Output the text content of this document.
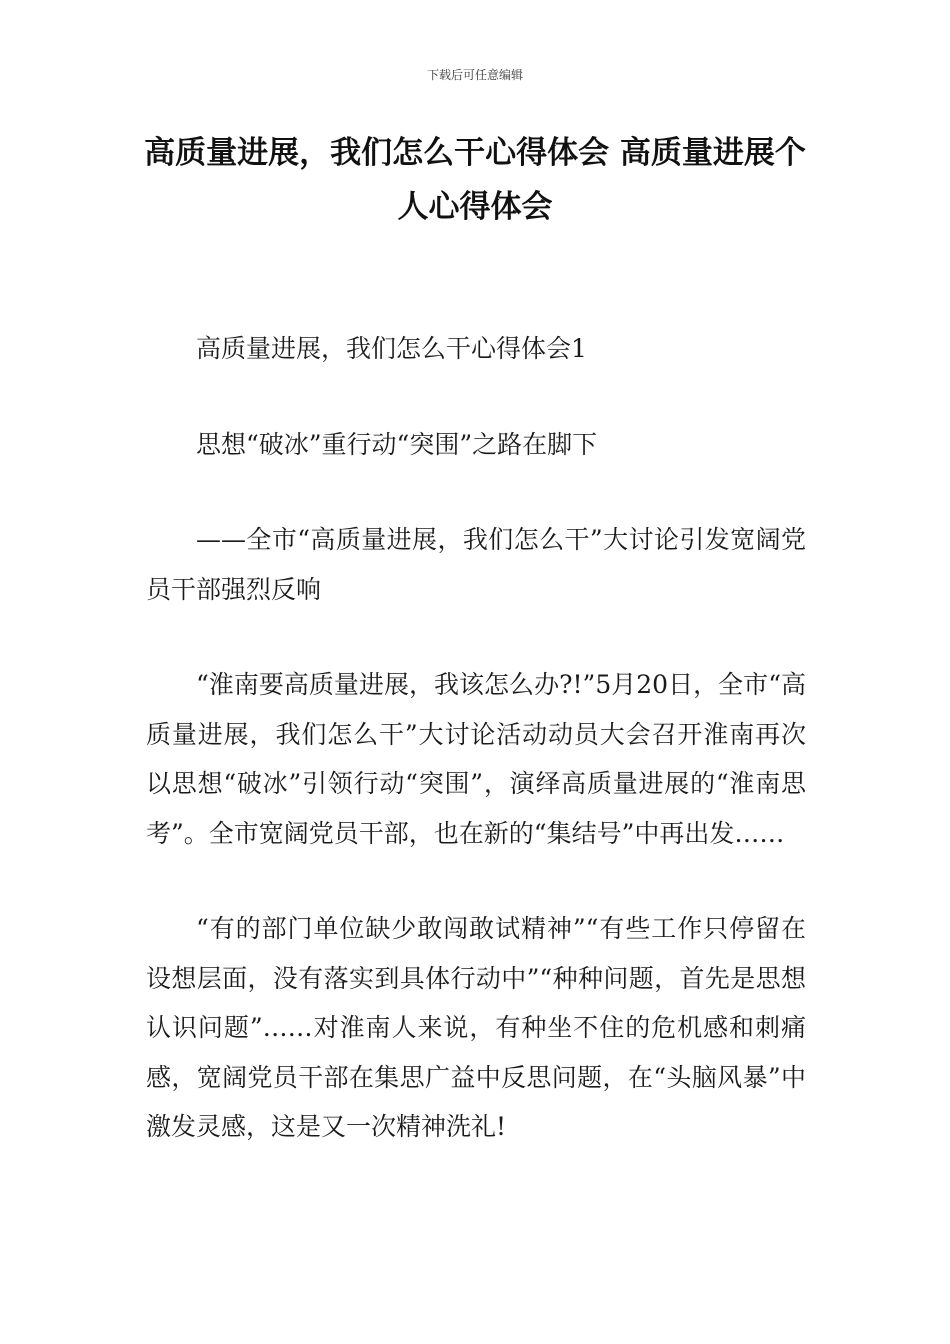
下载后可任意编辑
高质量进展，我们怎么干心得体会 高质量进展个人心得体会

高质量进展，我们怎么干心得体会1

思想“破冰”重行动“突围”之路在脚下

——全市“高质量进展，我们怎么干”大讨论引发宽阔党员干部强烈反响

“淮南要高质量进展，我该怎么办?!”5月20日，全市“高质量进展，我们怎么干”大讨论活动动员大会召开淮南再次以思想“破冰”引领行动“突围”，演绎高质量进展的“淮南思考”。全市宽阔党员干部，也在新的“集结号”中再出发……

“有的部门单位缺少敢闯敢试精神”“有些工作只停留在设想层面，没有落实到具体行动中”“种种问题，首先是思想认识问题”……对淮南人来说，有种坐不住的危机感和刺痛感，宽阔党员干部在集思广益中反思问题，在“头脑风暴”中激发灵感，这是又一次精神洗礼!
